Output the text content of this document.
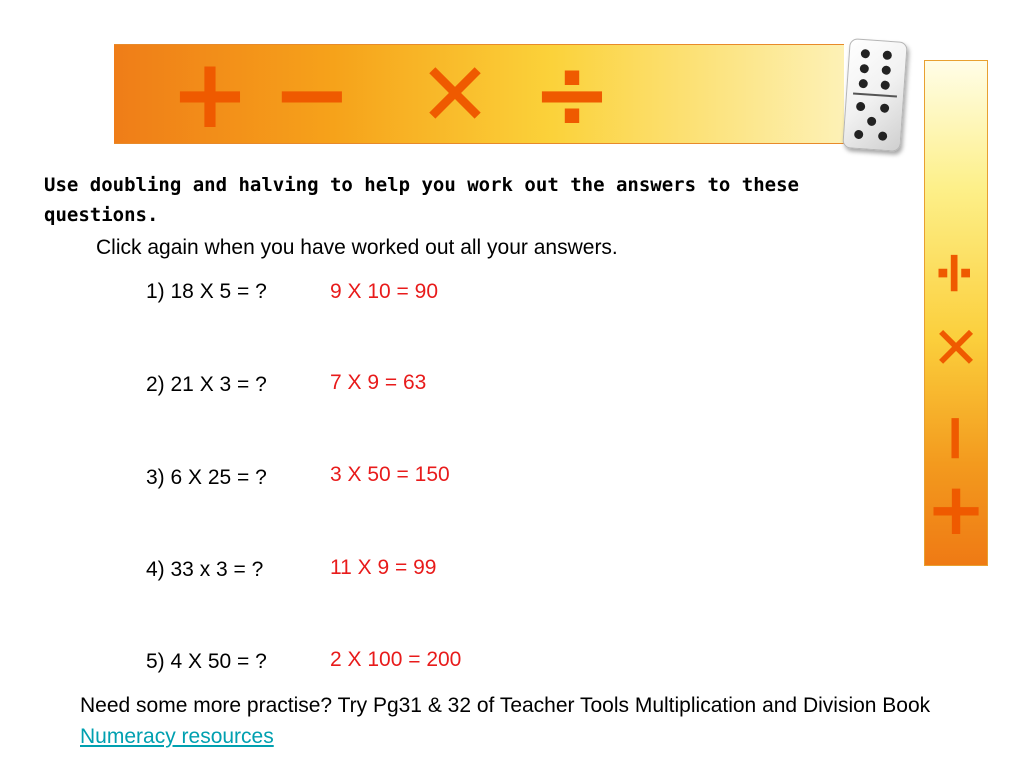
+ − ✕ ÷
÷
✕
−
+
Use doubling and halving to help you work out the answers to these questions.
Click again when you have worked out all your answers.
1) 18 X 5 = ?	9 X 10 = 90
2) 21 X 3 = ?	7 X 9 = 63
3) 6 X 25 = ?	3 X 50 = 150
4) 33 x 3 = ?	11 X 9 = 99
5) 4 X 50 = ?	2 X 100 = 200
Need some more practise? Try Pg31 & 32 of Teacher Tools Multiplication and Division Book Numeracy resources
